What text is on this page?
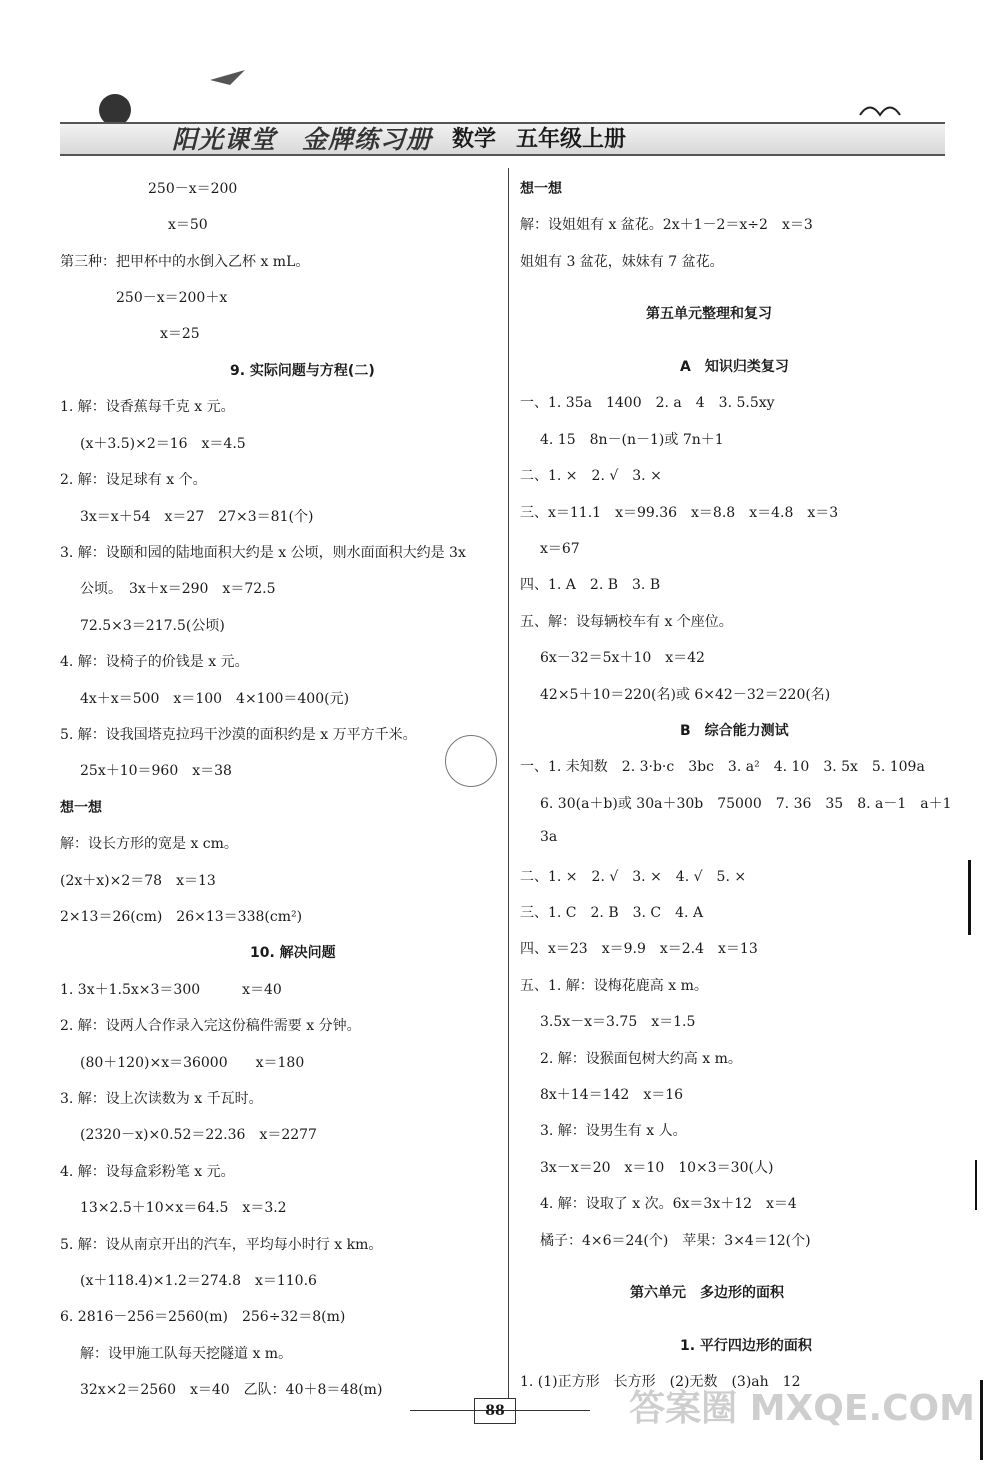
阳光课堂　金牌练习册 数学 五年级上册
250－x＝200
x＝50
第三种：把甲杯中的水倒入乙杯 x mL。
250－x＝200＋x
x＝25
9. 实际问题与方程(二)
1. 解：设香蕉每千克 x 元。
(x＋3.5)×2＝16　x＝4.5
2. 解：设足球有 x 个。
3x＝x＋54　x＝27　27×3＝81(个)
3. 解：设颐和园的陆地面积大约是 x 公顷，则水面面积大约是 3x
公顷。　3x＋x＝290　x＝72.5
72.5×3＝217.5(公顷)
4. 解：设椅子的价钱是 x 元。
4x＋x＝500　x＝100　4×100＝400(元)
5. 解：设我国塔克拉玛干沙漠的面积约是 x 万平方千米。
25x＋10＝960　x＝38
想一想
解：设长方形的宽是 x cm。
(2x＋x)×2＝78　x＝13
2×13＝26(cm)　26×13＝338(cm²)
10. 解决问题
1. 3x＋1.5x×3＝300　　　x＝40
2. 解：设两人合作录入完这份稿件需要 x 分钟。
(80＋120)×x＝36000　　x＝180
3. 解：设上次读数为 x 千瓦时。
(2320－x)×0.52＝22.36　x＝2277
4. 解：设每盒彩粉笔 x 元。
13×2.5＋10×x＝64.5　x＝3.2
5. 解：设从南京开出的汽车，平均每小时行 x km。
(x＋118.4)×1.2＝274.8　x＝110.6
6. 2816－256＝2560(m)　256÷32＝8(m)
解：设甲施工队每天挖隧道 x m。
32x×2＝2560　x＝40　乙队：40＋8＝48(m)
想一想
解：设姐姐有 x 盆花。2x＋1－2＝x÷2　x＝3
姐姐有 3 盆花，妹妹有 7 盆花。
第五单元整理和复习
A　知识归类复习
一、1. 35a　1400　2. a　4　3. 5.5xy
4. 15　8n－(n－1)或 7n＋1
二、1. ×　2. √　3. ×
三、x＝11.1　x＝99.36　x＝8.8　x＝4.8　x＝3
x＝67
四、1. A　2. B　3. B
五、解：设每辆校车有 x 个座位。
6x－32＝5x＋10　x＝42
42×5＋10＝220(名)或 6×42－32＝220(名)
B　综合能力测试
一、1. 未知数　2. 3·b·c　3bc　3. a²　4. 10　3. 5x　5. 109a
6. 30(a＋b)或 30a＋30b　75000　7. 36　35　8. a－1　a＋1
3a
二、1. ×　2. √　3. ×　4. √　5. ×
三、1. C　2. B　3. C　4. A
四、x＝23　x＝9.9　x＝2.4　x＝13
五、1. 解：设梅花鹿高 x m。
3.5x－x＝3.75　x＝1.5
2. 解：设猴面包树大约高 x m。
8x＋14＝142　x＝16
3. 解：设男生有 x 人。
3x－x＝20　x＝10　10×3＝30(人)
4. 解：设取了 x 次。6x＝3x＋12　x＝4
橘子：4×6＝24(个)　苹果：3×4＝12(个)
第六单元　多边形的面积
1. 平行四边形的面积
1. (1)正方形　长方形　(2)无数　(3)ah　12
88	答案圈 MXQE.COM
